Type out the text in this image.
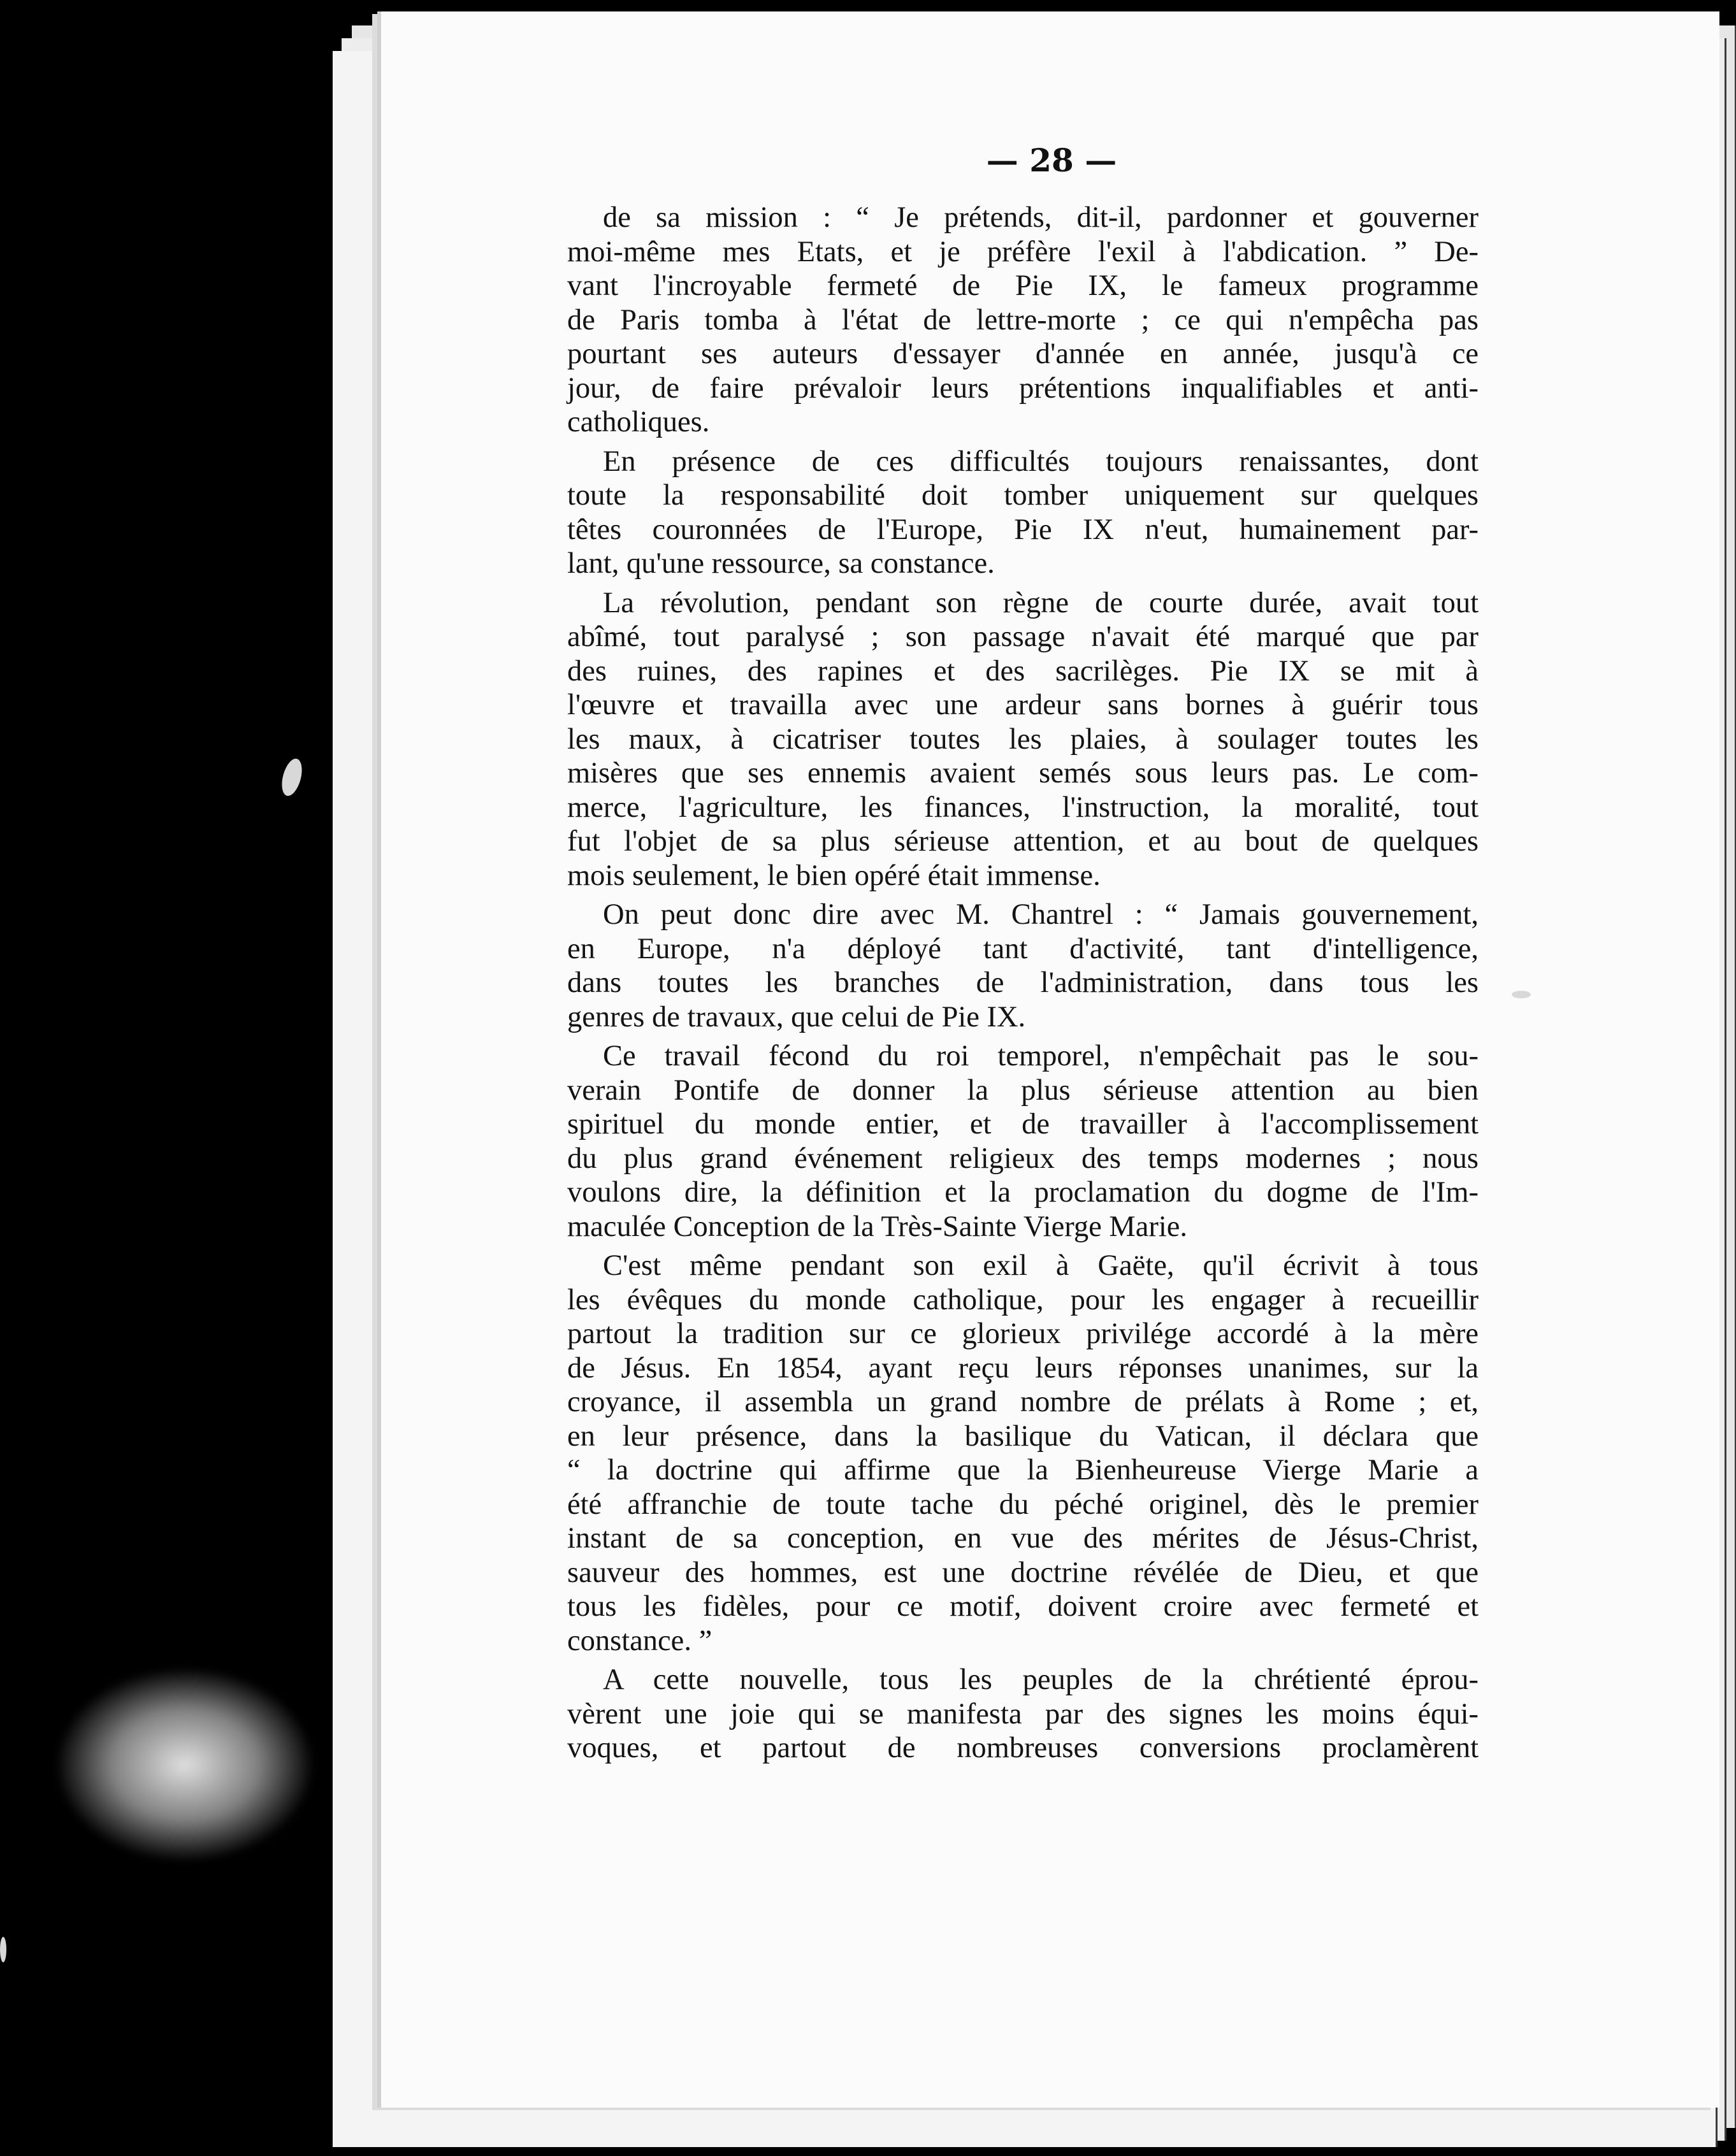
— 28 —
de sa mission : “ Je prétends, dit-il, pardonner et gouverner
moi-même mes Etats, et je préfère l'exil à l'abdication. ” De-
vant l'incroyable fermeté de Pie IX, le fameux programme
de Paris tomba à l'état de lettre-morte ; ce qui n'empêcha pas
pourtant ses auteurs d'essayer d'année en année, jusqu'à ce
jour, de faire prévaloir leurs prétentions inqualifiables et anti-
catholiques.
En présence de ces difficultés toujours renaissantes, dont
toute la responsabilité doit tomber uniquement sur quelques
têtes couronnées de l'Europe, Pie IX n'eut, humainement par-
lant, qu'une ressource, sa constance.
La révolution, pendant son règne de courte durée, avait tout
abîmé, tout paralysé ; son passage n'avait été marqué que par
des ruines, des rapines et des sacrilèges. Pie IX se mit à
l'œuvre et travailla avec une ardeur sans bornes à guérir tous
les maux, à cicatriser toutes les plaies, à soulager toutes les
misères que ses ennemis avaient semés sous leurs pas. Le com-
merce, l'agriculture, les finances, l'instruction, la moralité, tout
fut l'objet de sa plus sérieuse attention, et au bout de quelques
mois seulement, le bien opéré était immense.
On peut donc dire avec M. Chantrel : “ Jamais gouvernement,
en Europe, n'a déployé tant d'activité, tant d'intelligence,
dans toutes les branches de l'administration, dans tous les
genres de travaux, que celui de Pie IX.
Ce travail fécond du roi temporel, n'empêchait pas le sou-
verain Pontife de donner la plus sérieuse attention au bien
spirituel du monde entier, et de travailler à l'accomplissement
du plus grand événement religieux des temps modernes ; nous
voulons dire, la définition et la proclamation du dogme de l'Im-
maculée Conception de la Très-Sainte Vierge Marie.
C'est même pendant son exil à Gaëte, qu'il écrivit à tous
les évêques du monde catholique, pour les engager à recueillir
partout la tradition sur ce glorieux privilége accordé à la mère
de Jésus. En 1854, ayant reçu leurs réponses unanimes, sur la
croyance, il assembla un grand nombre de prélats à Rome ; et,
en leur présence, dans la basilique du Vatican, il déclara que
“ la doctrine qui affirme que la Bienheureuse Vierge Marie a
été affranchie de toute tache du péché originel, dès le premier
instant de sa conception, en vue des mérites de Jésus-Christ,
sauveur des hommes, est une doctrine révélée de Dieu, et que
tous les fidèles, pour ce motif, doivent croire avec fermeté et
constance. ”
A cette nouvelle, tous les peuples de la chrétienté éprou-
vèrent une joie qui se manifesta par des signes les moins équi-
voques, et partout de nombreuses conversions proclamèrent
